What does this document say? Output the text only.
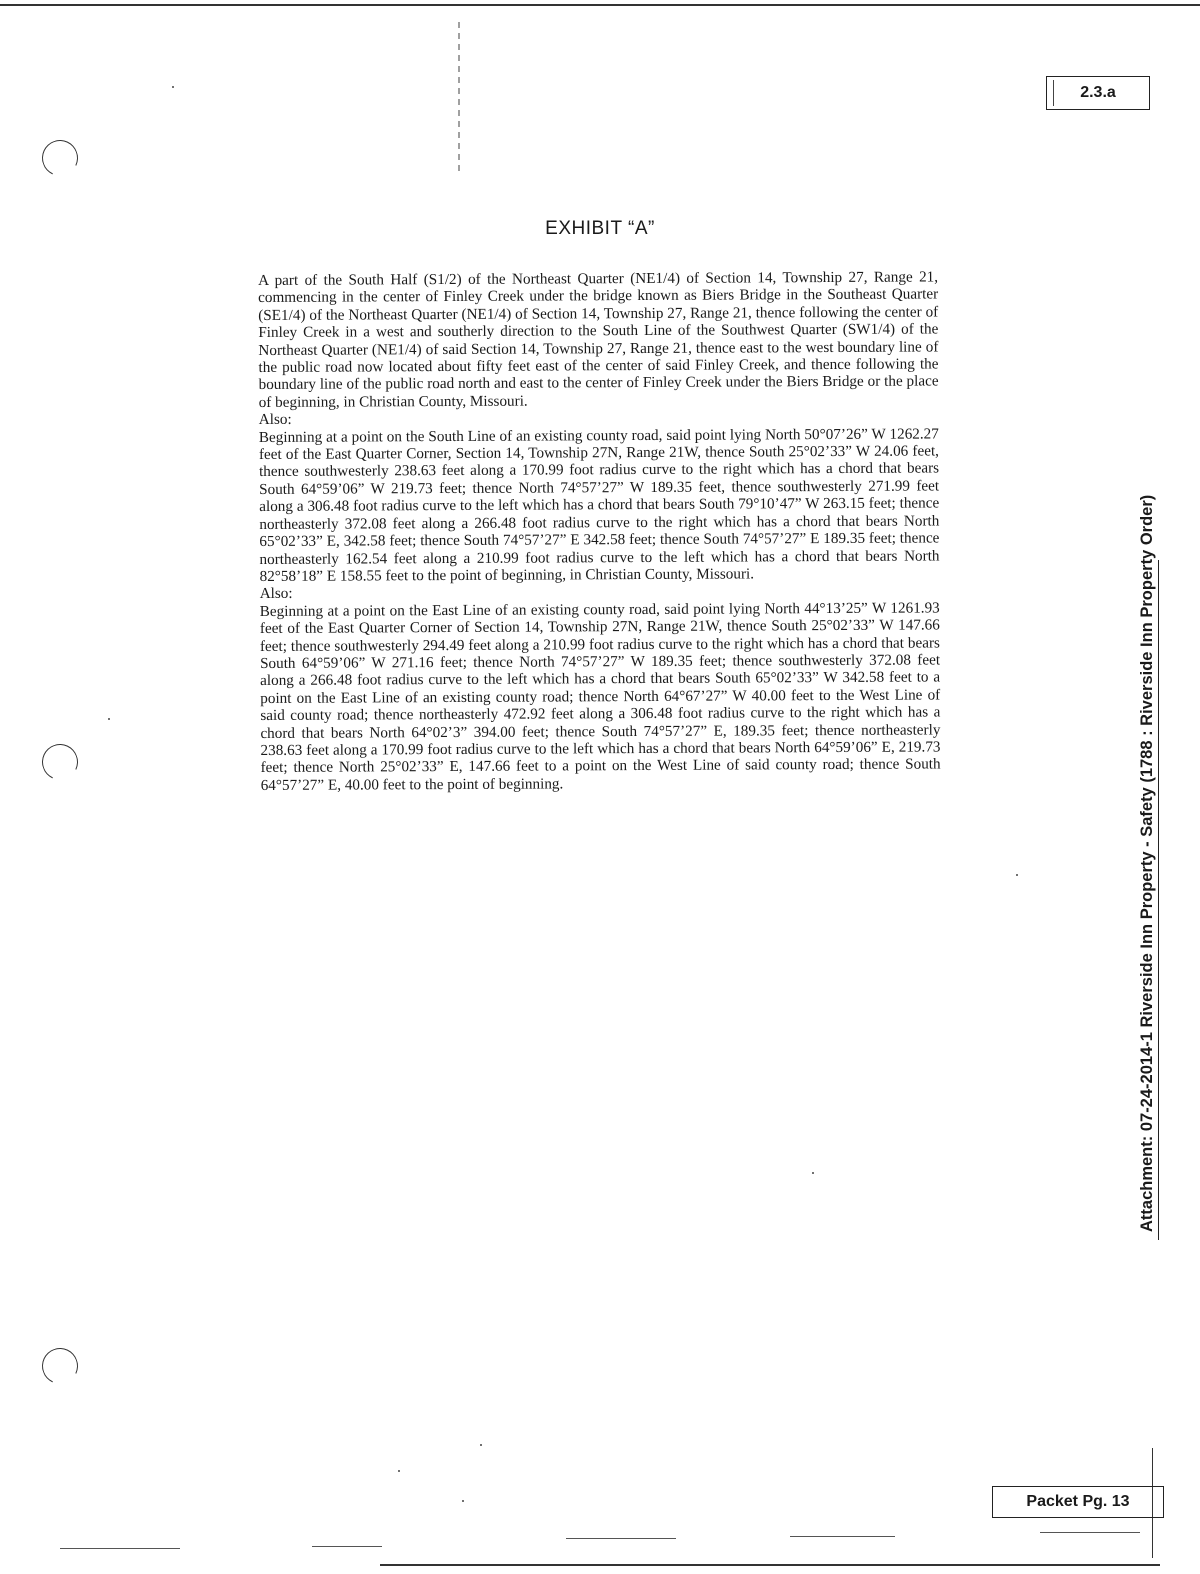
2.3.a
EXHIBIT “A”

A part of the South Half (S1/2) of the Northeast Quarter (NE1/4) of Section 14, Township 27, Range 21, commencing in the center of Finley Creek under the bridge known as Biers Bridge in the Southeast Quarter (SE1/4) of the Northeast Quarter (NE1/4) of Section 14, Township 27, Range 21, thence following the center of Finley Creek in a west and southerly direction to the South Line of the Southwest Quarter (SW1/4) of the Northeast Quarter (NE1/4) of said Section 14, Township 27, Range 21, thence east to the west boundary line of the public road now located about fifty feet east of the center of said Finley Creek, and thence following the boundary line of the public road north and east to the center of Finley Creek under the Biers Bridge or the place of beginning, in Christian County, Missouri.

Also:

Beginning at a point on the South Line of an existing county road, said point lying North 50°07’26” W 1262.27 feet of the East Quarter Corner, Section 14, Township 27N, Range 21W, thence South 25°02’33” W 24.06 feet, thence southwesterly 238.63 feet along a 170.99 foot radius curve to the right which has a chord that bears South 64°59’06” W 219.73 feet; thence North 74°57’27” W 189.35 feet, thence southwesterly 271.99 feet along a 306.48 foot radius curve to the left which has a chord that bears South 79°10’47” W 263.15 feet; thence northeasterly 372.08 feet along a 266.48 foot radius curve to the right which has a chord that bears North 65°02’33” E, 342.58 feet; thence South 74°57’27” E 342.58 feet; thence South 74°57’27” E 189.35 feet; thence northeasterly 162.54 feet along a 210.99 foot radius curve to the left which has a chord that bears North 82°58’18” E 158.55 feet to the point of beginning, in Christian County, Missouri.

Also:

Beginning at a point on the East Line of an existing county road, said point lying North 44°13’25” W 1261.93 feet of the East Quarter Corner of Section 14, Township 27N, Range 21W, thence South 25°02’33” W 147.66 feet; thence southwesterly 294.49 feet along a 210.99 foot radius curve to the right which has a chord that bears South 64°59’06” W 271.16 feet; thence North 74°57’27” W 189.35 feet; thence southwesterly 372.08 feet along a 266.48 foot radius curve to the left which has a chord that bears South 65°02’33” W 342.58 feet to a point on the East Line of an existing county road; thence North 64°67’27” W 40.00 feet to the West Line of said county road; thence northeasterly 472.92 feet along a 306.48 foot radius curve to the right which has a chord that bears North 64°02’3” 394.00 feet; thence South 74°57’27” E, 189.35 feet; thence northeasterly 238.63 feet along a 170.99 foot radius curve to the left which has a chord that bears North 64°59’06” E, 219.73 feet; thence North 25°02’33” E, 147.66 feet to a point on the West Line of said county road; thence South 64°57’27” E, 40.00 feet to the point of beginning.	Attachment: 07-24-2014-1 Riverside Inn Property - Safety (1788 : Riverside Inn Property Order)
Packet Pg. 13
